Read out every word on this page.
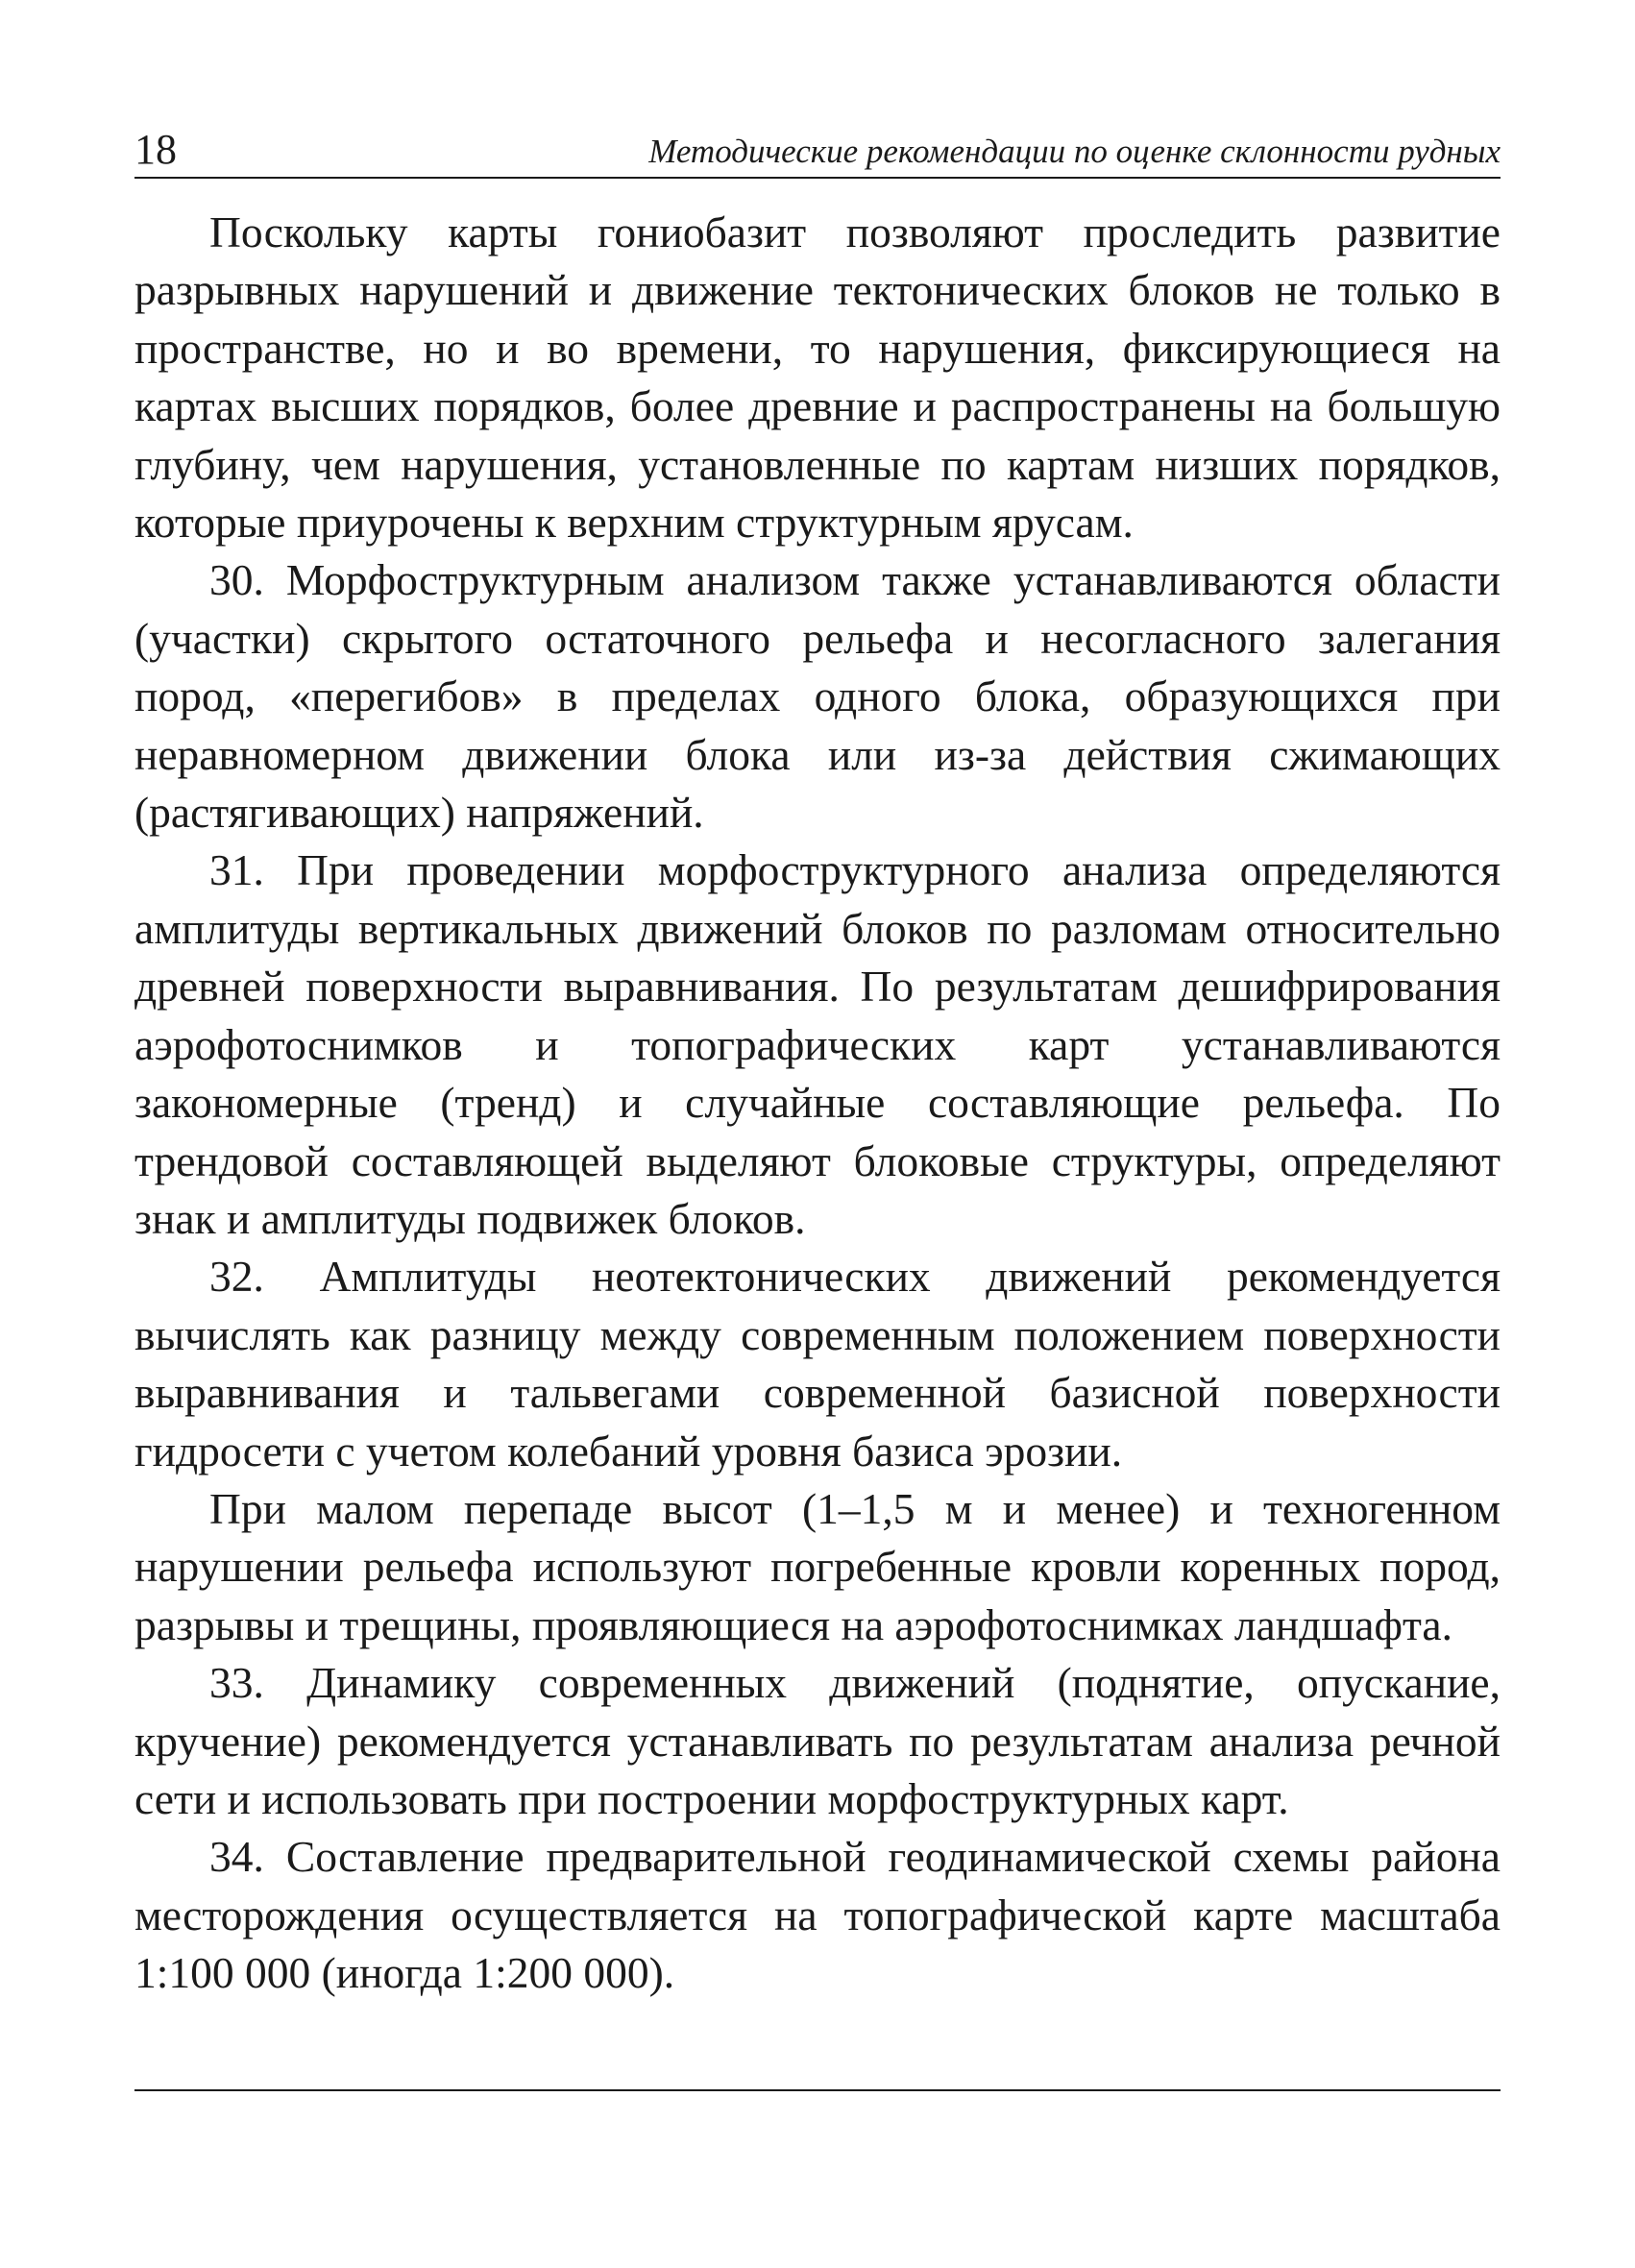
18	Методические рекомендации по оценке склонности рудных

Поскольку карты гониобазит позволяют проследить развитие разрывных нарушений и движение тектонических блоков не только в пространстве, но и во времени, то нарушения, фиксирующиеся на картах высших порядков, более древние и распространены на большую глубину, чем нарушения, установленные по картам низших порядков, которые приурочены к верхним структурным ярусам.

30. Морфоструктурным анализом также устанавливаются области (участки) скрытого остаточного рельефа и несогласного залегания пород, «перегибов» в пределах одного блока, образующихся при неравномерном движении блока или из-за действия сжимающих (растягивающих) напряжений.

31. При проведении морфоструктурного анализа определяются амплитуды вертикальных движений блоков по разломам относительно древней поверхности выравнивания. По результатам дешифрирования аэрофотоснимков и топографических карт устанавливаются закономерные (тренд) и случайные составляющие рельефа. По трендовой составляющей выделяют блоковые структуры, определяют знак и амплитуды подвижек блоков.

32. Амплитуды неотектонических движений рекомендуется вычислять как разницу между современным положением поверхности выравнивания и тальвегами современной базисной поверхности гидросети с учетом колебаний уровня базиса эрозии.

При малом перепаде высот (1–1,5 м и менее) и техногенном нарушении рельефа используют погребенные кровли коренных пород, разрывы и трещины, проявляющиеся на аэрофотоснимках ландшафта.

33. Динамику современных движений (поднятие, опускание, кручение) рекомендуется устанавливать по результатам анализа речной сети и использовать при построении морфоструктурных карт.

34. Составление предварительной геодинамической схемы района месторождения осуществляется на топографической карте масштаба 1:100 000 (иногда 1:200 000).
